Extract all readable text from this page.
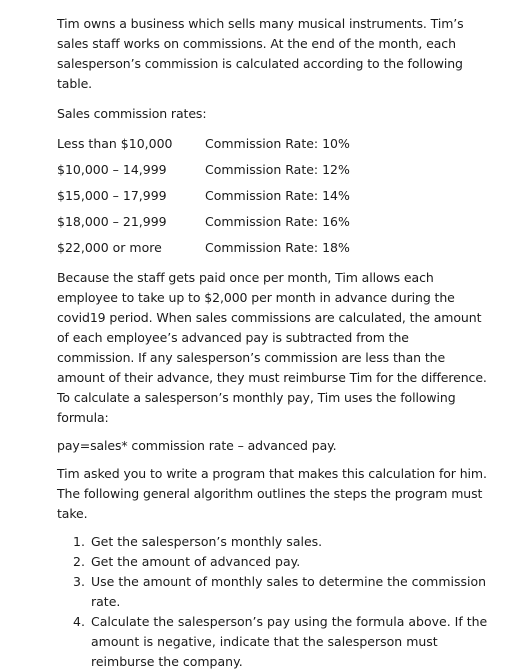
Tim owns a business which sells many musical instruments. Tim’s sales staff works on commissions. At the end of the month, each salesperson’s commission is calculated according to the following table.

Sales commission rates:

Less than $10,000	Commission Rate: 10%
$10,000 – 14,999	Commission Rate: 12%
$15,000 – 17,999	Commission Rate: 14%
$18,000 – 21,999	Commission Rate: 16%
$22,000 or more	Commission Rate: 18%

Because the staff gets paid once per month, Tim allows each employee to take up to $2,000 per month in advance during the covid19 period. When sales commissions are calculated, the amount of each employee’s advanced pay is subtracted from the commission. If any salesperson’s commission are less than the amount of their advance, they must reimburse Tim for the difference. To calculate a salesperson’s monthly pay, Tim uses the following formula:

pay=sales* commission rate – advanced pay.

Tim asked you to write a program that makes this calculation for him. The following general algorithm outlines the steps the program must take.

1. Get the salesperson’s monthly sales.
2. Get the amount of advanced pay.
3. Use the amount of monthly sales to determine the commission rate.
4. Calculate the salesperson’s pay using the formula above. If the amount is negative, indicate that the salesperson must reimburse the company.
